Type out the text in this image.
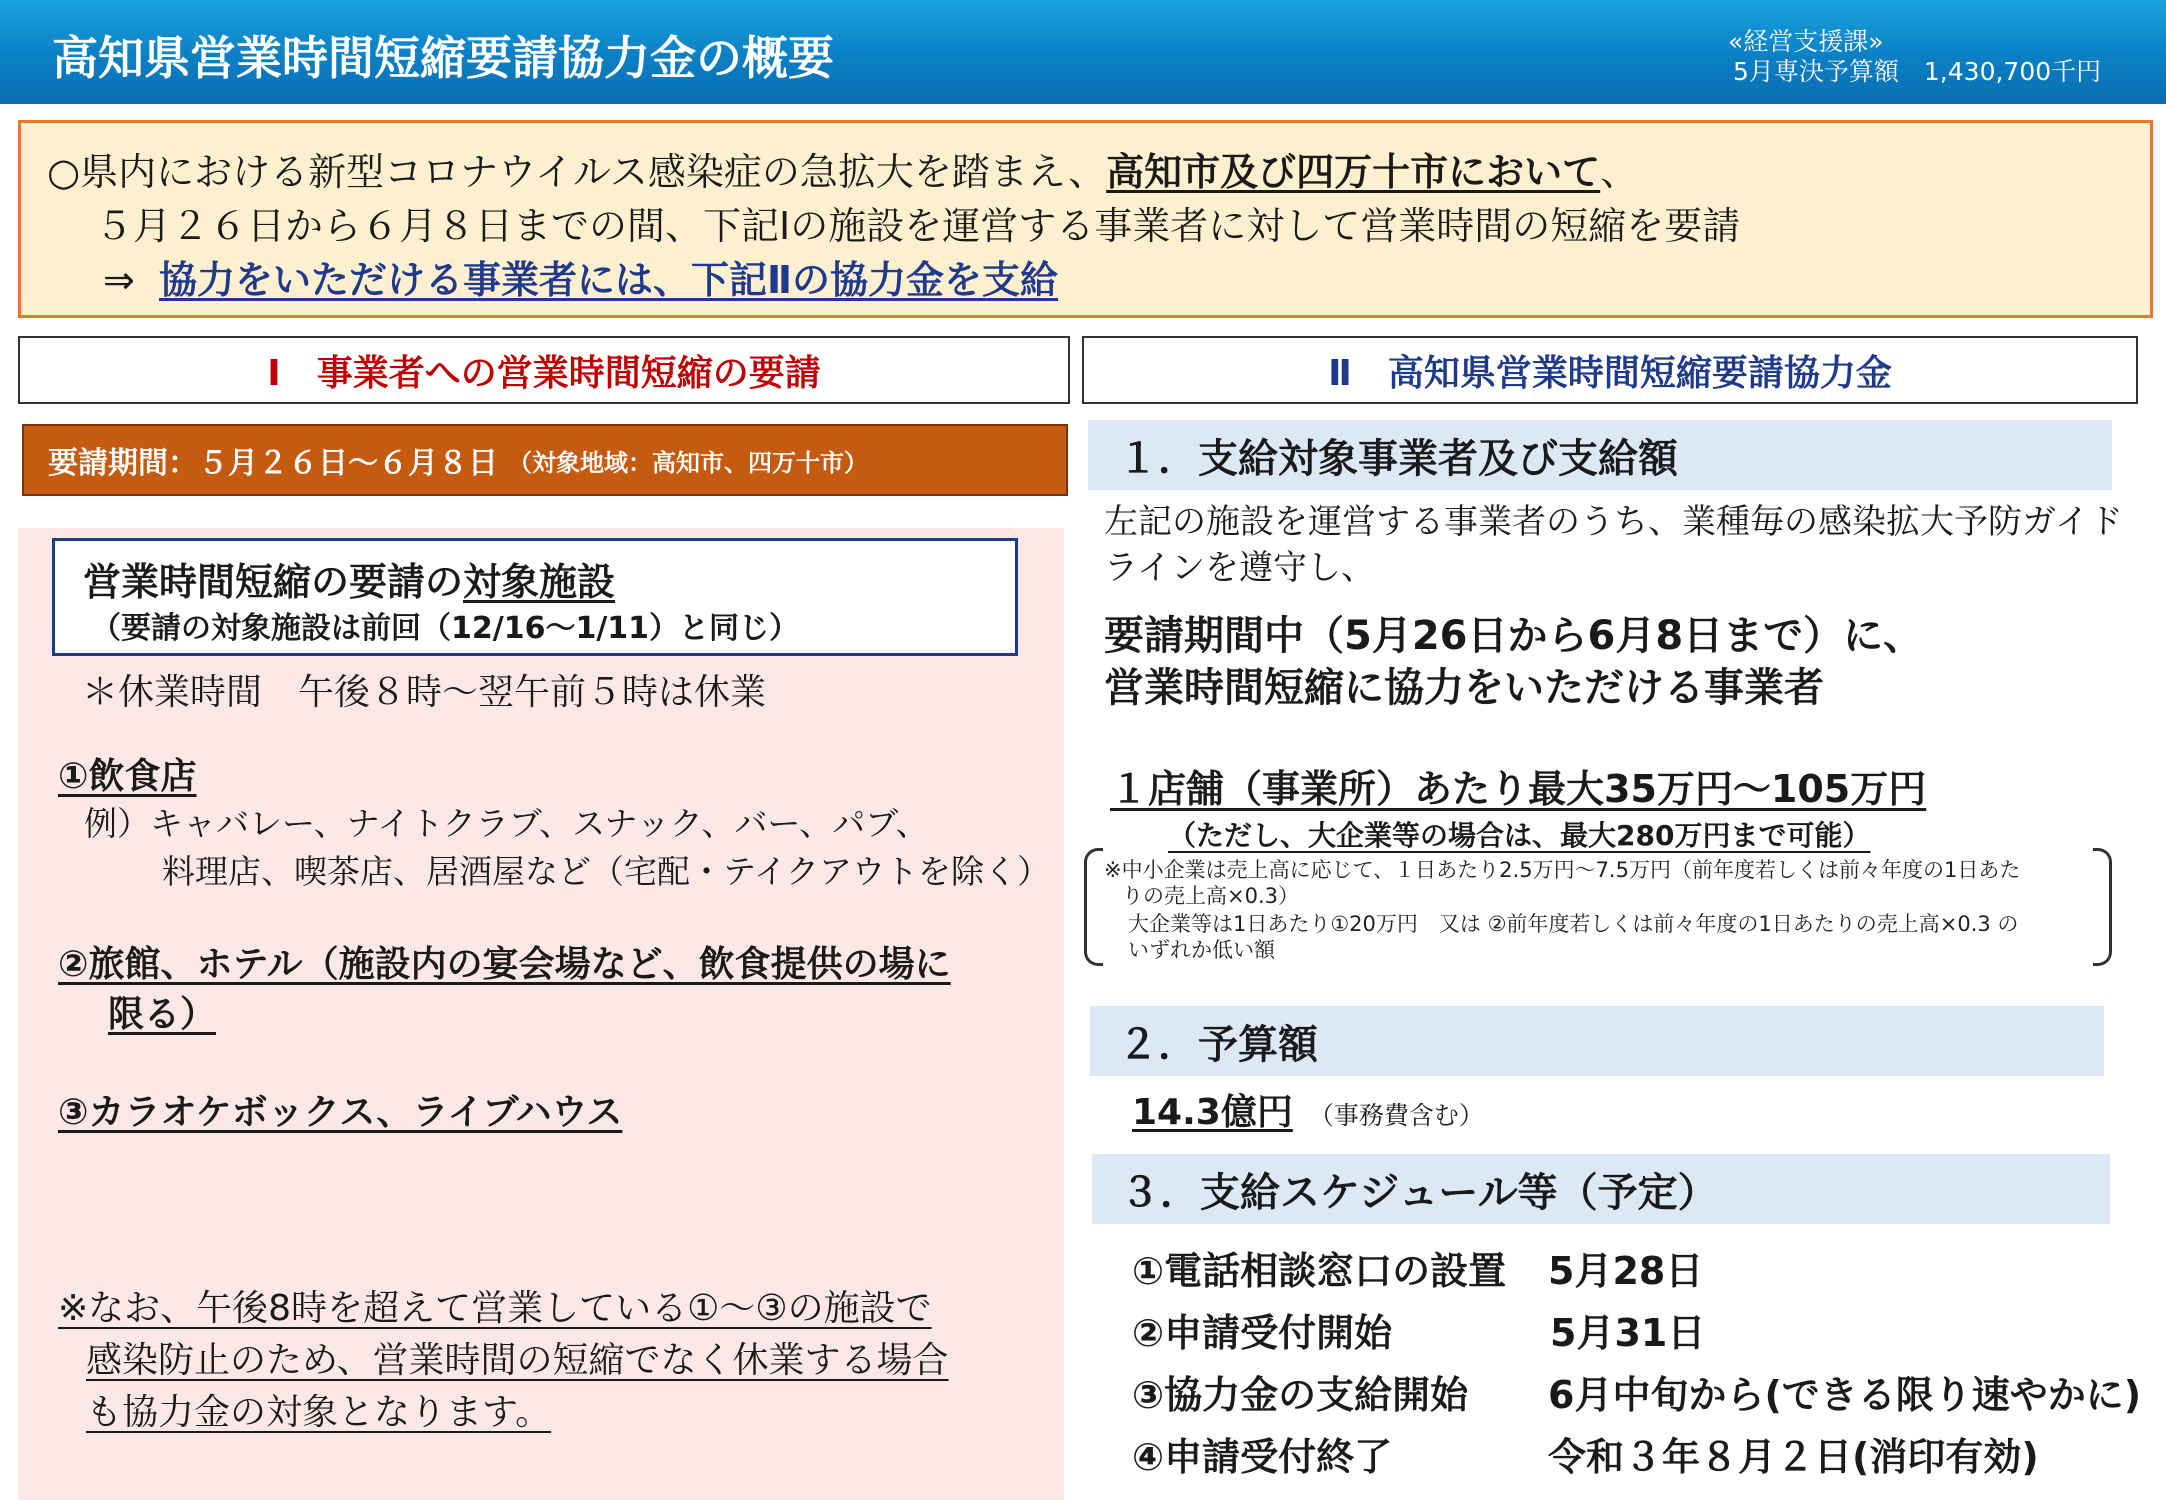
高知県営業時間短縮要請協力金の概要	«経営支援課»
5月専決予算額　1,430,700千円
○県内における新型コロナウイルス感染症の急拡大を踏まえ、高知市及び四万十市において、
５月２６日から６月８日までの間、下記Ⅰの施設を運営する事業者に対して営業時間の短縮を要請
⇒ 協力をいただける事業者には、下記Ⅱの協力金を支給
Ⅰ　事業者への営業時間短縮の要請	Ⅱ　高知県営業時間短縮要請協力金
要請期間：５月２６日～６月８日 （対象地域：高知市、四万十市）
営業時間短縮の要請の対象施設
（要請の対象施設は前回（12/16～1/11）と同じ）
＊休業時間　午後８時～翌午前５時は休業
①飲食店
例）キャバレー、ナイトクラブ、スナック、バー、パブ、
料理店、喫茶店、居酒屋など（宅配・テイクアウトを除く）
②旅館、ホテル（施設内の宴会場など、飲食提供の場に
限る）
③カラオケボックス、ライブハウス
※なお、午後8時を超えて営業している①～③の施設で
感染防止のため、営業時間の短縮でなく休業する場合
も協力金の対象となります。
１．支給対象事業者及び支給額
左記の施設を運営する事業者のうち、業種毎の感染拡大予防ガイド
ラインを遵守し、
要請期間中（5月26日から6月8日まで）に、
営業時間短縮に協力をいただける事業者
１店舗（事業所）あたり最大35万円～105万円
（ただし、大企業等の場合は、最大280万円まで可能）
※中小企業は売上高に応じて、１日あたり2.5万円～7.5万円（前年度若しくは前々年度の1日あた
りの売上高×0.3）
大企業等は1日あたり①20万円　又は ②前年度若しくは前々年度の1日あたりの売上高×0.3 の
いずれか低い額
２．予算額
14.3億円 （事務費含む）
３．支給スケジュール等（予定）
①電話相談窓口の設置 5月28日
②申請受付開始	5月31日
③協力金の支給開始 6月中旬から(できる限り速やかに)
④申請受付終了	令和３年８月２日(消印有効)
